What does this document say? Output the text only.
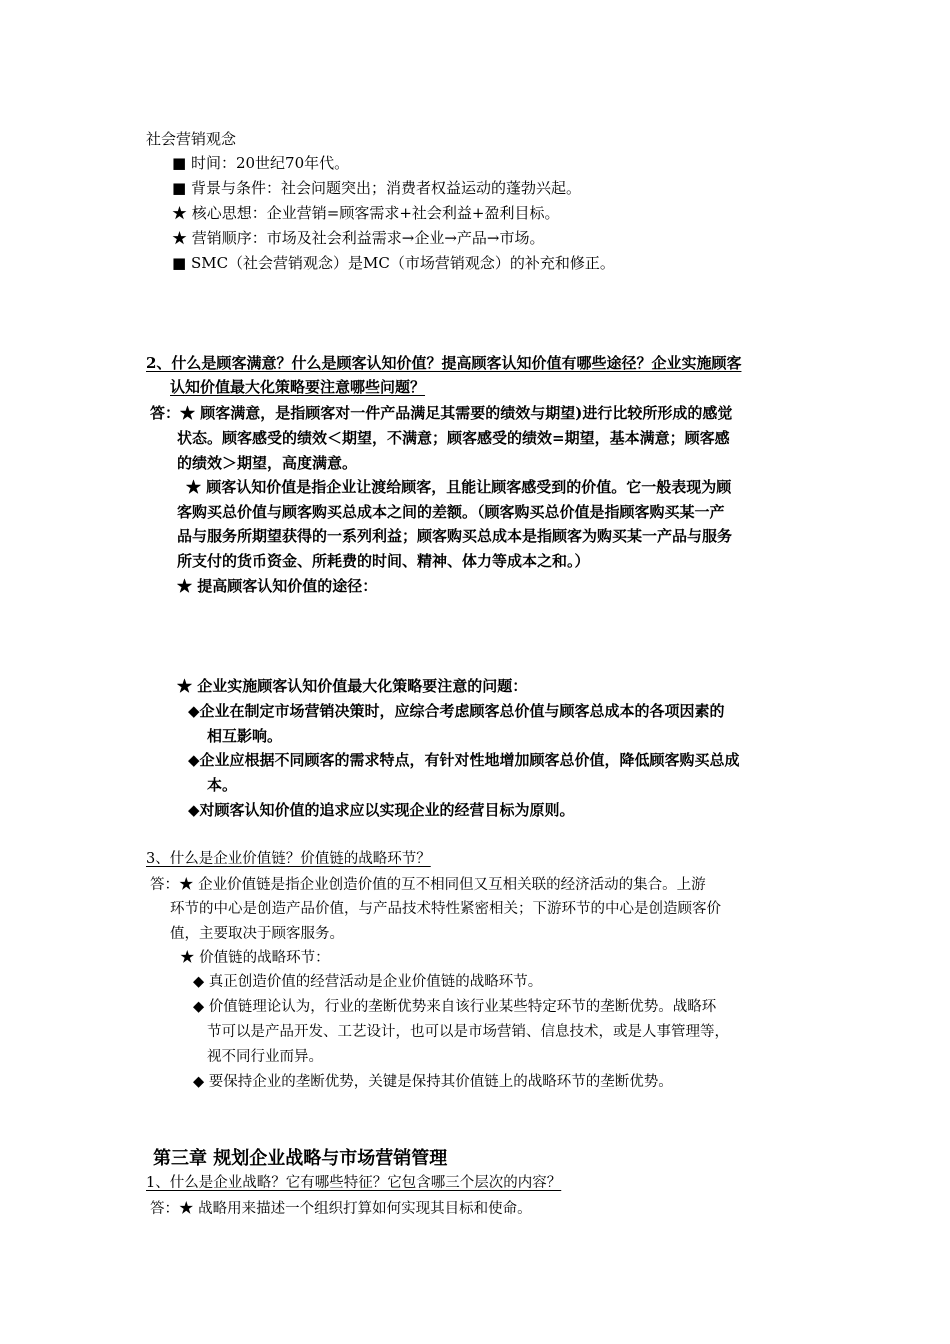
社会营销观念
■ 时间：20世纪70年代。
■ 背景与条件：社会问题突出；消费者权益运动的蓬勃兴起。
★ 核心思想：企业营销=顾客需求+社会利益+盈利目标。
★ 营销顺序：市场及社会利益需求→企业→产品→市场。
■ SMC（社会营销观念）是MC（市场营销观念）的补充和修正。
2、什么是顾客满意？什么是顾客认知价值？提高顾客认知价值有哪些途径？企业实施顾客
认知价值最大化策略要注意哪些问题？
答：★ 顾客满意，是指顾客对一件产品满足其需要的绩效与期望)进行比较所形成的感觉
状态。顾客感受的绩效＜期望，不满意；顾客感受的绩效=期望，基本满意；顾客感
的绩效＞期望，高度满意。
★ 顾客认知价值是指企业让渡给顾客，且能让顾客感受到的价值。它一般表现为顾
客购买总价值与顾客购买总成本之间的差额。（顾客购买总价值是指顾客购买某一产
品与服务所期望获得的一系列利益；顾客购买总成本是指顾客为购买某一产品与服务
所支付的货币资金、所耗费的时间、精神、体力等成本之和。）
★ 提高顾客认知价值的途径：
★ 企业实施顾客认知价值最大化策略要注意的问题：
◆企业在制定市场营销决策时，应综合考虑顾客总价值与顾客总成本的各项因素的
相互影响。
◆企业应根据不同顾客的需求特点，有针对性地增加顾客总价值，降低顾客购买总成
本。
◆对顾客认知价值的追求应以实现企业的经营目标为原则。
3、什么是企业价值链？价值链的战略环节？
答：★ 企业价值链是指企业创造价值的互不相同但又互相关联的经济活动的集合。上游
环节的中心是创造产品价值，与产品技术特性紧密相关；下游环节的中心是创造顾客价
值，主要取决于顾客服务。
★ 价值链的战略环节：
◆ 真正创造价值的经营活动是企业价值链的战略环节。
◆ 价值链理论认为，行业的垄断优势来自该行业某些特定环节的垄断优势。战略环
节可以是产品开发、工艺设计，也可以是市场营销、信息技术，或是人事管理等，
视不同行业而异。
◆ 要保持企业的垄断优势，关键是保持其价值链上的战略环节的垄断优势。
第三章 规划企业战略与市场营销管理
1、什么是企业战略？它有哪些特征？它包含哪三个层次的内容？
答：★ 战略用来描述一个组织打算如何实现其目标和使命。
